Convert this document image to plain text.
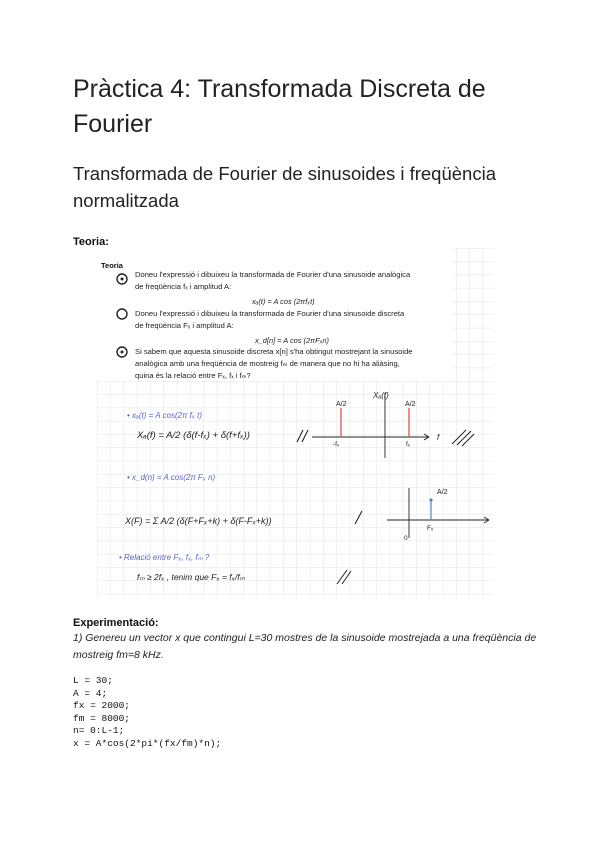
Pràctica 4: Transformada Discreta de Fourier
Transformada de Fourier de sinusoides i freqüència normalitzada
Teoria:
Teoria
Doneu l'expressió i dibuixeu la transformada de Fourier d'una sinusoide analògica
de freqüència fₓ i amplitud A:
xₐ(t) = A cos (2πfₓt)
Doneu l'expressió i dibuixeu la transformada de Fourier d'una sinusoide discreta
de freqüència Fₓ i amplitud A:
x_d[n] = A cos (2πFₓn)
Si sabem que aquesta sinusoide discreta x[n] s'ha obtingut mostrejant la sinusoide
analògica amb una freqüència de mostreig fₘ de manera que no hi ha aliàsing,
quina és la relació entre Fₓ, fₓ i fₘ?
• xₐ(t) = A cos(2π fₓ t)
Xₐ(f) = A/2 (δ(f-fₓ) + δ(f+fₓ))
Xₐ(f)
A/2	A/2
-fₓ	fₓ
f
• x_d(n) = A cos(2π Fₓ n)
X(F) = Σ A/2 (δ(F+Fₓ+k) + δ(F-Fₓ+k))
A/2
Fₓ
0
• Relació entre Fₓ, fₓ, fₘ ?
fₘ ≥ 2fₓ , tenim que Fₓ = fₓ/fₘ
Experimentació:

1) Genereu un vector x que contingui L=30 mostres de la sinusoide mostrejada a una freqüència de mostreig fm=8 kHz.

L = 30;
A = 4;
fx = 2000;
fm = 8000;
n= 0:L-1;
x = A*cos(2*pi*(fx/fm)*n);
